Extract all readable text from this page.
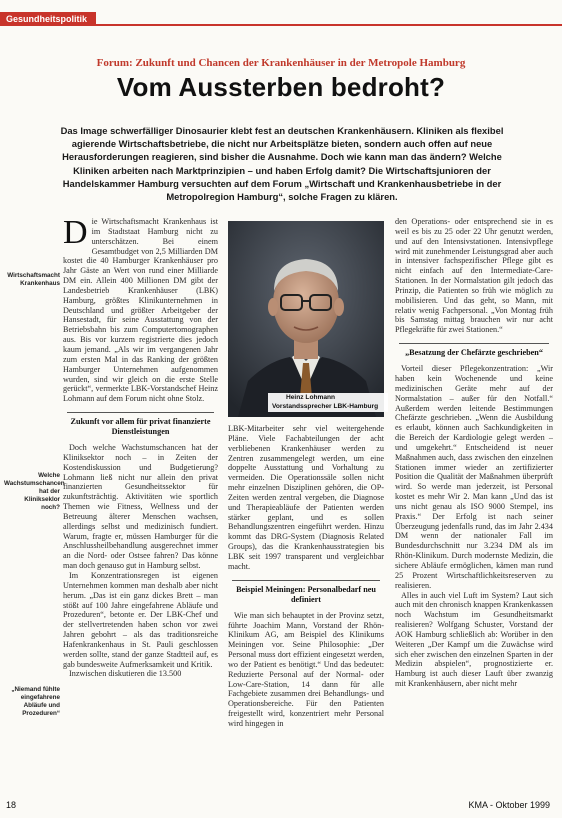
Gesundheitspolitik
Forum: Zukunft und Chancen der Krankenhäuser in der Metropole Hamburg
Vom Aussterben bedroht?
Das Image schwerfälliger Dinosaurier klebt fest an deutschen Krankenhäusern. Kliniken als flexibel agierende Wirtschaftsbetriebe, die nicht nur Arbeitsplätze bieten, sondern auch offen auf neue Herausforderungen reagieren, sind bisher die Ausnahme. Doch wie kann man das ändern? Welche Kliniken arbeiten nach Marktprinzipien – und haben Erfolg damit? Die Wirtschaftsjunioren der Handelskammer Hamburg versuchten auf dem Forum „Wirtschaft und Krankenhausbetriebe in der Metropolregion Hamburg“, solche Fragen zu klären.
Wirtschaftsmacht Krankenhaus
Welche Wachstumschancen hat der Klinikseklor noch?
„Niemand fühlte eingefahrene Abläufe und Prozeduren“

Die Wirtschaftsmacht Krankenhaus ist im Stadtstaat Hamburg nicht zu unterschätzen. Bei einem Gesamtbudget von 2,5 Milliarden DM kostet die 40 Hamburger Krankenhäuser pro Jahr Gäste an Wert von rund einer Milliarde DM ein. Allein 400 Millionen DM gibt der Landesbetrieb Krankenhäuser (LBK) Hamburg, größtes Klinikunternehmen in Deutschland und größter Arbeitgeber der Hansestadt, für seine Ausstattung von der Betriebsbahn bis zum Computertomographen aus. Bis vor kurzem registrierte dies jedoch kaum jemand. „Als wir im vergangenen Jahr zum ersten Mal in das Ranking der größten Hamburger Unternehmen aufgenommen wurden, sind wir gleich on die erste Stelle gerückt“, vermerkte LBK-Vorstandschef Heinz Lohmann auf dem Forum nicht ohne Stolz.

Zukunft vor allem für privat finanzierte Dienstleistungen

Doch welche Wachstumschancen hat der Kliniksektor noch – in Zeiten der Kostendiskussion und Budgetierung? Lohmann ließ nicht nur allein den privat finanzierten Gesundheitssektor für zukunftsträchtig. Aktivitäten wie sportlich Themen wie Fitness, Wellness und der Betreuung älterer Menschen wachsen, allerdings selbst und medizinisch fundiert. Warum, fragte er, müssen Hamburger für die Anschlussheilbehandlung ausgerechnet immer an die Nord- oder Ostsee fahren? Das könne man doch genauso gut in Hamburg selbst.

Im Konzentrationsregen ist eigenen Unternehmen kommen man deshalb aber nicht herum. „Das ist ein ganz dickes Brett – man stößt auf 100 Jahre eingefahrene Abläufe und Prozeduren“, betonte er. Der LBK-Chef und der stellvertretenden haben schon vor zwei Jahren gebohrt – als das traditionsreiche Hafenkrankenhaus in St. Pauli geschlossen werden sollte, stand der ganze Stadtteil auf, es gab bundesweite Aufmerksamkeit und Kritik.

Inzwischen diskutieren die 13.500

Heinz Lohmann
Vorstandssprecher LBK-Hamburg

LBK-Mitarbeiter sehr viel weitergehende Pläne. Viele Fachabteilungen der acht verbliebenen Krankenhäuser werden zu Zentren zusammengelegt werden, um eine doppelte Ausstattung und Vorhaltung zu vermeiden. Die Operationssäle sollen nicht mehr einzelnen Disziplinen gehören, die OP-Zeiten werden zentral vergeben, die Diagnose und Therapieabläufe der Patienten werden stärker geplant, und es sollen Behandlungszentren eingeführt werden. Hinzu kommt das DRG-System (Diagnosis Related Groups), das die Krankenhausstrategien bis LBK seit 1997 transparent und vergleichbar macht.

Beispiel Meiningen: Personalbedarf neu definiert

Wie man sich behauptet in der Provinz setzt, führte Joachim Mann, Vorstand der Rhön-Klinikum AG, am Beispiel des Klinikums Meiningen vor. Seine Philosophie: „Der Personal muss dort effizient eingesetzt werden, wo der Patient es benötigt.“ Und das bedeutet: Reduzierte Personal auf der Normal- oder Low-Care-Station, 14 dann für alle Fachgebiete zusammen drei Behandlungs- und Operationsbereiche. Für den Patienten freigestellt wird, konzentriert mehr Personal wird hingegen in

den Operations- oder entsprechend sie in es weil es bis zu 25 oder 22 Uhr genutzt werden, und auf den Intensivstationen. Intensivpflege wird mit zunehmender Leistungsgrad aber auch in intensiver fachspezifischer Pflege gibt es nicht einfach auf den Intermediate-Care-Stationen. In der Normalstation gilt jedoch das Prinzip, die Patienten so früh wie möglich zu mobilisieren. Und das geht, so Mann, mit relativ wenig Fachpersonal. „Von Montag früh bis Samstag mittag brauchen wir nur acht Pflegekräfte für zwei Stationen.“

„Besatzung der Chefärzte geschrieben“

Vorteil dieser Pflegekonzentration: „Wir haben kein Wochenende und keine medizinischen Geräte mehr auf der Normalstation – außer für den Notfall.“ Außerdem werden leitende Bestimmungen Chefärzte geschrieben. „Wenn die Ausbildung es erlaubt, können auch Sachkundigkeiten in die Bereich der Kardiologie gelegt werden – und umgekehrt.“ Entscheidend ist neuer Maßnahmen auch, dass zwischen den einzelnen Stationen immer wieder an zertifizierter Position die Qualität der Maßnahmen überprüft wird. So werde man jederzeit, ist Personal kostet es mehr Wir 2. Man kann „Und das ist uns nicht genau als ISO 9000 Stempel, ins Praxis.“ Der Erfolg ist nach seiner Überzeugung jedenfalls rund, das im Jahr 2.434 DM wenn der nationaler Fall im Bundesdurchschnitt nur 3.234 DM als im Rhön-Klinikum. Durch modernste Medizin, die sichere Abläufe ermöglichen, kämen man rund 25 Prozent Wirtschaftlichkeitsreserven zu realisieren.

Alles in auch viel Luft im System? Laut sich auch mit den chronisch knappen Krankenkassen noch Wachstum im Gesundheitsmarkt realisieren? Wolfgang Schuster, Vorstand der AOK Hamburg schließlich ab: Worüber in den Weiteren „Der Kampf um die Zuwächse wird sich eher zwischen den einzelnen Sparten in der Medizin abspielen“, prognostizierte er. Hamburg ist auch dieser Lauft über zwanzig mit Krankenhäusern, aber nicht mehr

18	KMA - Oktober 1999
